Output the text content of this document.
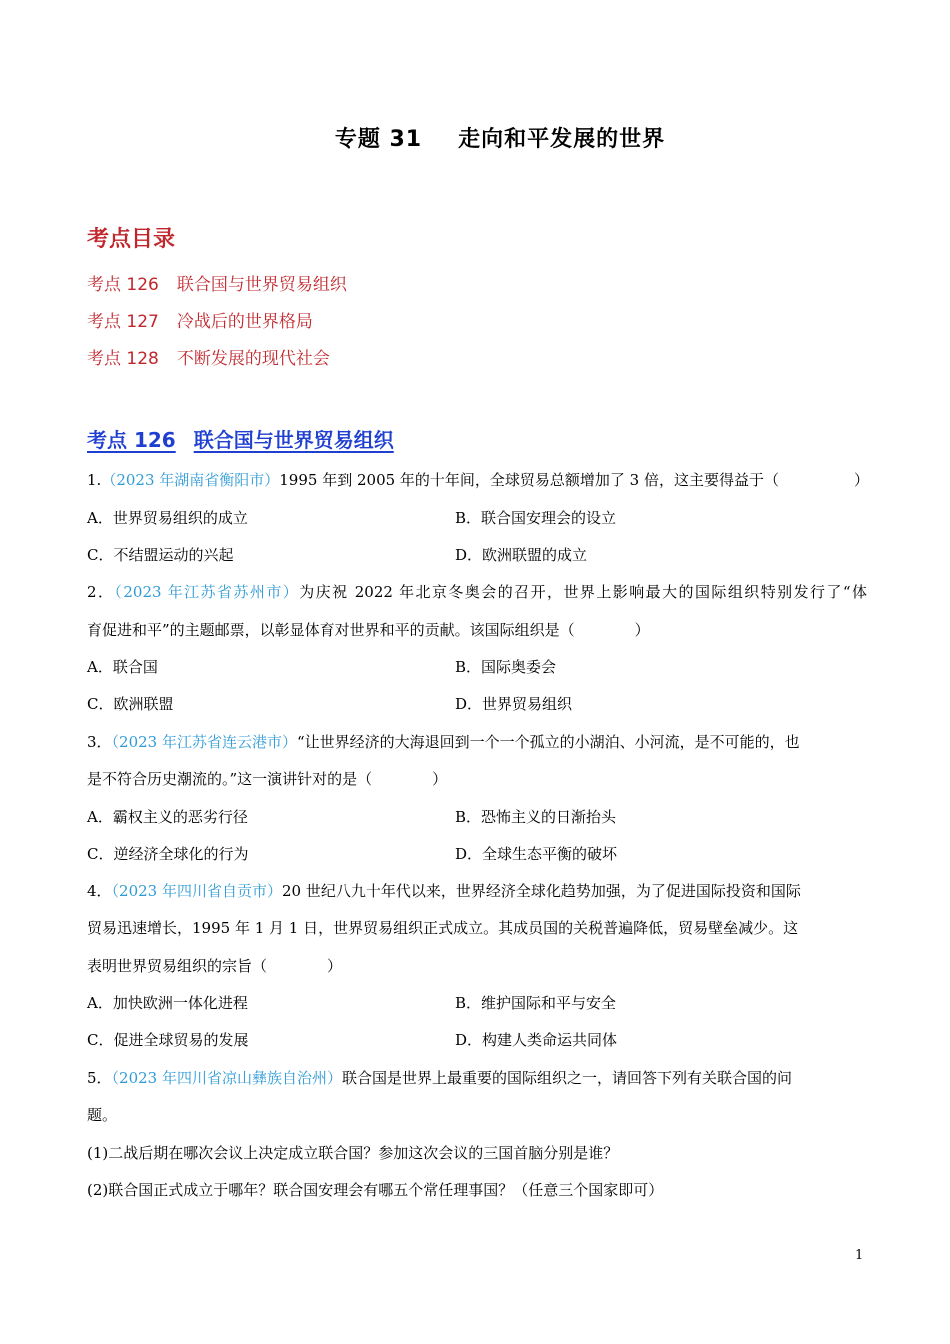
专题 31 走向和平发展的世界
考点目录
考点 126 联合国与世界贸易组织
考点 127 冷战后的世界格局
考点 128 不断发展的现代社会
考点 126 联合国与世界贸易组织
1.（2023 年湖南省衡阳市）1995 年到 2005 年的十年间，全球贸易总额增加了 3 倍，这主要得益于（　　　　　）
A．世界贸易组织的成立	B．联合国安理会的设立
C．不结盟运动的兴起	D．欧洲联盟的成立
2．（2023 年江苏省苏州市）为庆祝 2022 年北京冬奥会的召开，世界上影响最大的国际组织特别发行了“体
育促进和平”的主题邮票，以彰显体育对世界和平的贡献。该国际组织是（　　　　）
A．联合国	B．国际奥委会
C．欧洲联盟	D．世界贸易组织
3．（2023 年江苏省连云港市）“让世界经济的大海退回到一个一个孤立的小湖泊、小河流，是不可能的，也
是不符合历史潮流的。”这一演讲针对的是（　　　　）
A．霸权主义的恶劣行径	B．恐怖主义的日渐抬头
C．逆经济全球化的行为	D．全球生态平衡的破坏
4．（2023 年四川省自贡市）20 世纪八九十年代以来，世界经济全球化趋势加强，为了促进国际投资和国际
贸易迅速增长，1995 年 1 月 1 日，世界贸易组织正式成立。其成员国的关税普遍降低，贸易壁垒减少。这
表明世界贸易组织的宗旨（　　　　）
A．加快欧洲一体化进程	B．维护国际和平与安全
C．促进全球贸易的发展	D．构建人类命运共同体
5．（2023 年四川省凉山彝族自治州）联合国是世界上最重要的国际组织之一，请回答下列有关联合国的问
题。
(1)二战后期在哪次会议上决定成立联合国？参加这次会议的三国首脑分别是谁？
(2)联合国正式成立于哪年？联合国安理会有哪五个常任理事国？（任意三个国家即可）
1
